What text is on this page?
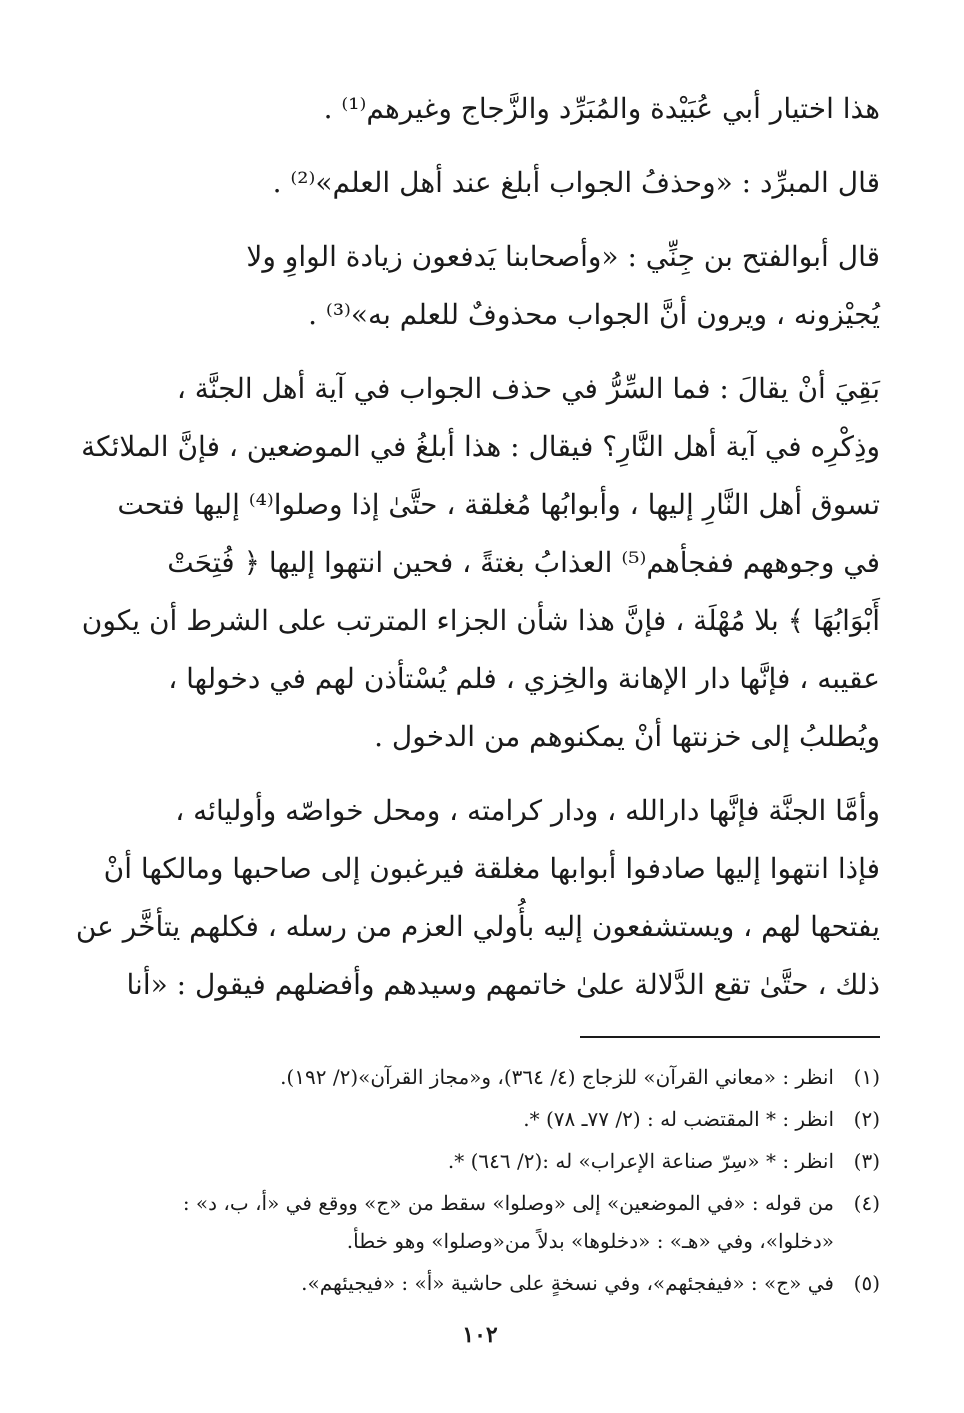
هذا اختيار أبي عُبَيْدة والمُبَرِّد والزَّجاج وغيرهم⁽¹⁾ .

قال المبرِّد : «وحذفُ الجواب أبلغ عند أهل العلم»⁽²⁾ .

قال أبوالفتح بن جِنِّي : «وأصحابنا يَدفعون زيادة الواوِ ولا
يُجيْزونه ، ويرون أنَّ الجواب محذوفٌ للعلم به»⁽³⁾ .

بَقِيَ أنْ يقالَ : فما السِّرُّ في حذف الجواب في آية أهل الجنَّة ،
وذِكْرِه في آية أهل النَّارِ؟ فيقال : هذا أبلغُ في الموضعين ، فإنَّ الملائكة
تسوق أهل النَّارِ إليها ، وأبوابُها مُغلقة ، حتَّىٰ إذا وصلوا⁽⁴⁾ إليها فتحت
في وجوههم ففجأهم⁽⁵⁾ العذابُ بغتةً ، فحين انتهوا إليها ﴿ فُتِحَتْ
أَبْوَابُهَا ﴾ بلا مُهْلَة ، فإنَّ هذا شأن الجزاء المترتب على الشرط أن يكون
عقيبه ، فإنَّها دار الإهانة والخِزي ، فلم يُسْتأذن لهم في دخولها ،
ويُطلبُ إلى خزنتها أنْ يمكنوهم من الدخول .

وأمَّا الجنَّة فإنَّها دارالله ، ودار كرامته ، ومحل خواصّه وأوليائه ،
فإذا انتهوا إليها صادفوا أبوابها مغلقة فيرغبون إلى صاحبها ومالكها أنْ
يفتحها لهم ، ويستشفعون إليه بأُولي العزم من رسله ، فكلهم يتأخَّر عن
ذلك ، حتَّىٰ تقع الدَّلالة علىٰ خاتمهم وسيدهم وأفضلهم فيقول : «أنا

(١)
انظر : «معاني القرآن» للزجاج (٤/ ٣٦٤)، و«مجاز القرآن»(٢/ ١٩٢).
(٢)
انظر : * المقتضب له : (٢/ ٧٧ـ ٧٨) *.
(٣)
انظر : * «سِرّ صناعة الإعراب» له :(٢/ ٦٤٦) *.
(٤)
من قوله : «في الموضعين» إلى «وصلوا» سقط من «ج» ووقع في «أ، ب، د» :
«دخلوا»، وفي «هـ» : «دخلوها» بدلاً من«وصلوا» وهو خطأ.
(٥)
في «ج» : «فيفجئهم»، وفي نسخةٍ على حاشية «أ» : «فيجيئهم».
١٠٢
